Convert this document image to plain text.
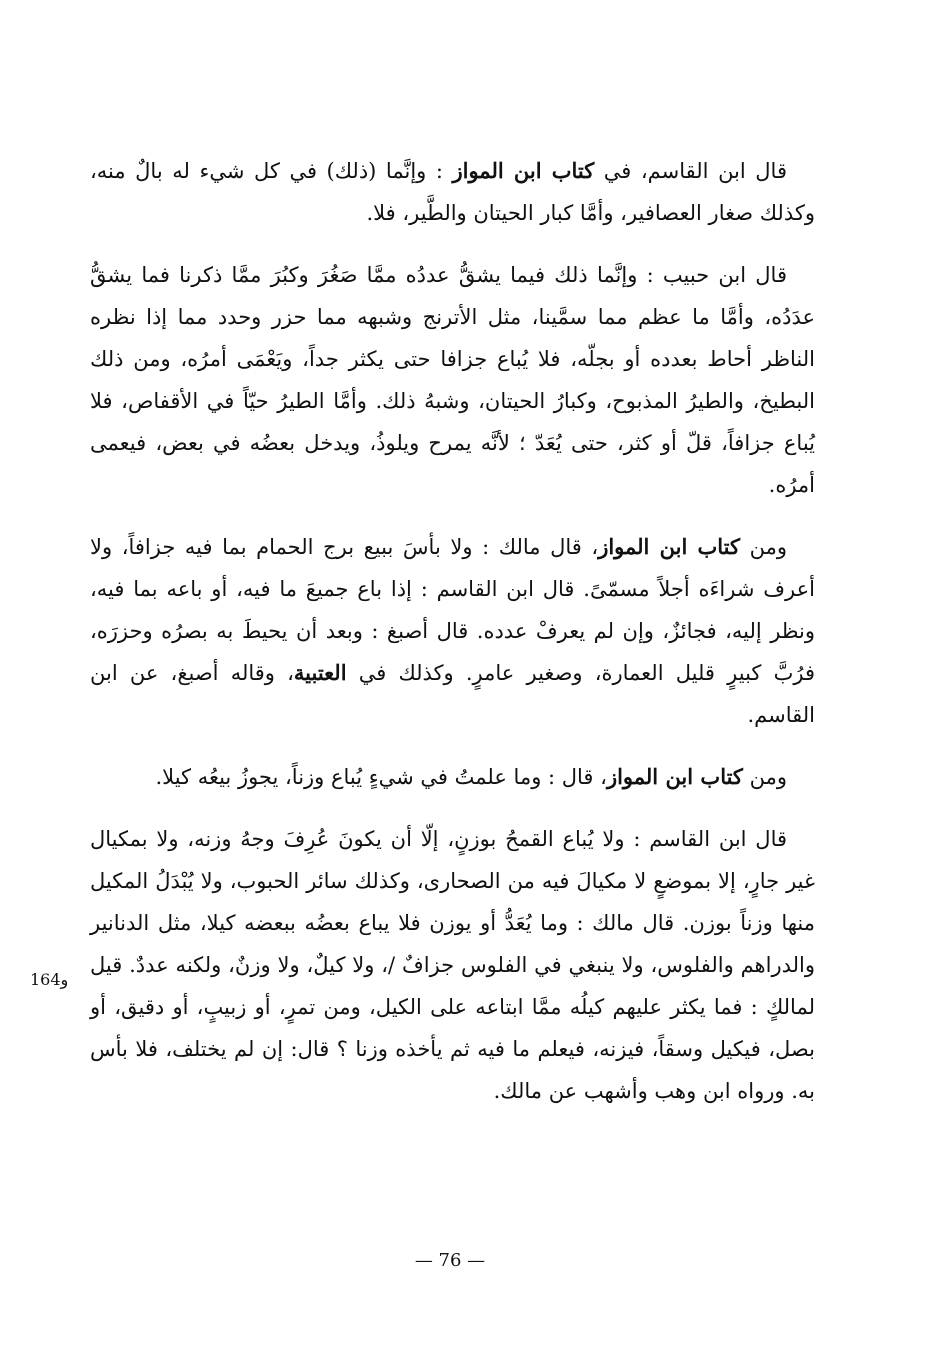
قال ابن القاسم، في كتاب ابن المواز : وإنَّما (ذلك) في كل شيء له بالٌ منه، وكذلك صغار العصافير، وأمَّا كبار الحيتان والطَّير، فلا.

قال ابن حبيب : وإنَّما ذلك فيما يشقُّ عددُه ممَّا صَغُرَ وكبُرَ ممَّا ذكرنا فما يشقُّ عدَدُه، وأمَّا ما عظم مما سمَّينا، مثل الأترنج وشبهه مما حزر وحدد مما إذا نظره الناظر أحاط بعدده أو بجلّه، فلا يُباع جزافا حتى يكثر جداً، ويَعْمَى أمرُه، ومن ذلك البطيخ، والطيرُ المذبوح، وكبارُ الحيتان، وشبهُ ذلك. وأمَّا الطيرُ حيّاً في الأقفاص، فلا يُباع جزافاً، قلّ أو كثر، حتى يُعَدّ ؛ لأنَّه يمرح ويلوذُ، ويدخل بعضُه في بعض، فيعمى أمرُه.

ومن كتاب ابن المواز، قال مالك : ولا بأسَ ببيع برج الحمام بما فيه جزافاً، ولا أعرف شراءَه أجلاً مسمّىً. قال ابن القاسم : إذا باع جميعَ ما فيه، أو باعه بما فيه، ونظر إليه، فجائزٌ، وإن لم يعرفْ عدده. قال أصبغ : وبعد أن يحيطَ به بصرُه وحزرَه، فرُبَّ كبيرٍ قليل العمارة، وصغير عامرٍ. وكذلك في العتبية، وقاله أصبغ، عن ابن القاسم.

ومن كتاب ابن المواز، قال : وما علمتُ في شيءٍ يُباع وزناً، يجوزُ بيعُه كيلا.

قال ابن القاسم : ولا يُباع القمحُ بوزنٍ، إلّا أن يكونَ عُرِفَ وجهُ وزنه، ولا بمكيال غير جارٍ، إلا بموضعٍ لا مكيالَ فيه من الصحارى، وكذلك سائر الحبوب، ولا يُبْدَلُ المكيل منها وزناً بوزن. قال مالك : وما يُعَدُّ أو يوزن فلا يباع بعضُه ببعضه كيلا، مثل الدنانير والدراهم والفلوس، ولا ينبغي في الفلوس جزافٌ /، ولا كيلٌ، ولا وزنٌ، ولكنه عددٌ. قيل لمالكٍ : فما يكثر عليهم كيلُه ممَّا ابتاعه على الكيل، ومن تمرٍ، أو زبيبٍ، أو دقيق، أو بصل، فيكيل وسقاً، فيزنه، فيعلم ما فيه ثم يأخذه وزنا ؟ قال: إن لم يختلف، فلا بأس به. ورواه ابن وهب وأشهب عن مالك.

164و
— 76 —
